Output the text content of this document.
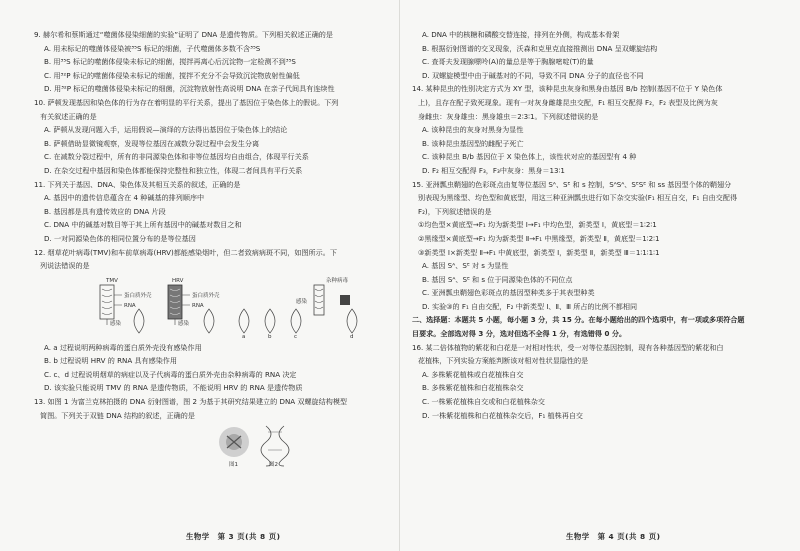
9. 赫尔希和蔡斯通过“噬菌体侵染细菌的实验”证明了 DNA 是遗传物质。下列相关叙述正确的是
A. 用未标记的噬菌体侵染被³⁵S 标记的细菌，子代噬菌体多数不含³⁵S
B. 用³⁵S 标记的噬菌体侵染未标记的细菌，搅拌再离心后沉淀物一定检测不到³⁵S
C. 用³²P 标记的噬菌体侵染未标记的细菌，搅拌不充分不会导致沉淀物放射性偏低
D. 用³²P 标记的噬菌体侵染未标记的细菌，沉淀物放射性高说明 DNA 在亲子代间具有连续性
10. 萨顿发现基因和染色体的行为存在着明显的平行关系，提出了基因位于染色体上的假说。下列
有关叙述正确的是
A. 萨顿从发现问题入手，运用假说—演绎的方法得出基因位于染色体上的结论
B. 萨顿借助显微镜观察，发现等位基因在减数分裂过程中会发生分离
C. 在减数分裂过程中，所有的非同源染色体和非等位基因均自由组合，体现平行关系
D. 在杂交过程中基因和染色体都能保持完整性和独立性，体现二者间具有平行关系
11. 下列关于基因、DNA、染色体及其相互关系的叙述，正确的是
A. 基因中的遗传信息蕴含在 4 种碱基的排列顺序中
B. 基因都是具有遗传效应的 DNA 片段
C. DNA 中的碱基对数目等于其上所有基因中的碱基对数目之和
D. 一对同源染色体的相同位置分布的是等位基因
12. 烟草花叶病毒(TMV)和车前草病毒(HRV)都能感染烟叶，但二者致病病斑不同，如图所示。下
列说法错误的是
TMV
蛋白质外壳
RNA
感染
HRV
蛋白质外壳
RNA
感染
杂种病毒
感染
a	b	c	d
A. a 过程说明两种病毒的蛋白质外壳没有感染作用
B. b 过程说明 HRV 的 RNA 具有感染作用
C. c、d 过程说明烟草的病症以及子代病毒的蛋白质外壳由杂种病毒的 RNA 决定
D. 该实验只能说明 TMV 的 RNA 是遗传物质，不能说明 HRV 的 RNA 是遗传物质
13. 如图 1 为富兰克林拍摄的 DNA 衍射图谱，图 2 为基于其研究结果建立的 DNA 双螺旋结构模型
简图。下列关于双链 DNA 结构的叙述，正确的是
图1	图2
A. DNA 中的核糖和磷酸交替连接，排列在外侧，构成基本骨架
B. 根据衍射图谱的交叉现象，沃森和克里克直接推测出 DNA 呈双螺旋结构
C. 查哥夫发现腺嘌呤(A)的量总是等于胸腺嘧啶(T)的量
D. 双螺旋模型中由于碱基对的不同，导致不同 DNA 分子的直径也不同
14. 某种昆虫的性别决定方式为 XY 型，该种昆虫灰身和黑身由基因 B/b 控制(基因不位于 Y 染色体
上)，且存在配子致死现象。现有一对灰身雌雄昆虫交配，F₁ 相互交配得 F₂，F₂ 表型及比例为灰
身雌虫：灰身雄虫：黑身雄虫＝2∶3∶1。下列叙述错误的是
A. 该种昆虫的灰身对黑身为显性
B. 该种昆虫基因型的雌配子死亡
C. 该种昆虫 B/b 基因位于 X 染色体上，该性状对应的基因型有 4 种
D. F₂ 相互交配得 F₃，F₃中灰身：黑身＝13∶1
15. 亚洲瓢虫鞘翅的色彩斑点由复等位基因 Sᴬ、Sᴱ 和 s 控制，SᴬSᴬ、SᴱSᴱ 和 ss 基因型个体的鞘翅分
别表现为黑缘型、均色型和黄底型，用这三种亚洲瓢虫进行如下杂交实验(F₁ 相互自交，F₁ 自由交配得
F₂)，下列叙述错误的是
①均色型×黄底型→F₁ 均为新类型 Ⅰ→F₁ 中均色型，新类型 Ⅰ，黄底型＝1∶2∶1
②黑缘型×黄底型→F₁ 均为新类型 Ⅱ→F₁ 中黑缘型，新类型 Ⅱ，黄底型＝1∶2∶1
③新类型 Ⅰ×新类型 Ⅱ→F₁ 中黄底型，新类型 Ⅰ，新类型 Ⅱ，新类型 Ⅲ＝1∶1∶1∶1
A. 基因 Sᴬ、Sᴱ 对 s 为显性
B. 基因 Sᴬ、Sᴱ 和 s 位于同源染色体的不同位点
C. 亚洲瓢虫鞘翅色彩斑点的基因型种类多于其表型种类
D. 实验③的 F₁ 自由交配，F₂ 中新类型 Ⅰ、Ⅱ、Ⅲ 所占的比例不都相同
二、选择题：本题共 5 小题，每小题 3 分，共 15 分。在每小题给出的四个选项中，有一项或多项符合题
目要求。全部选对得 3 分，选对但选不全得 1 分，有选错得 0 分。
16. 某二倍体植物的紫花和白花是一对相对性状，受一对等位基因控制，现有各种基因型的紫花和白
花植株，下列实验方案能判断该对相对性状显隐性的是
A. 多株紫花植株或白花植株自交
B. 多株紫花植株和白花植株杂交
C. 一株紫花植株自交或和白花植株杂交
D. 一株紫花植株和白花植株杂交后，F₁ 植株再自交
生物学　第 3 页(共 8 页)	生物学　第 4 页(共 8 页)
